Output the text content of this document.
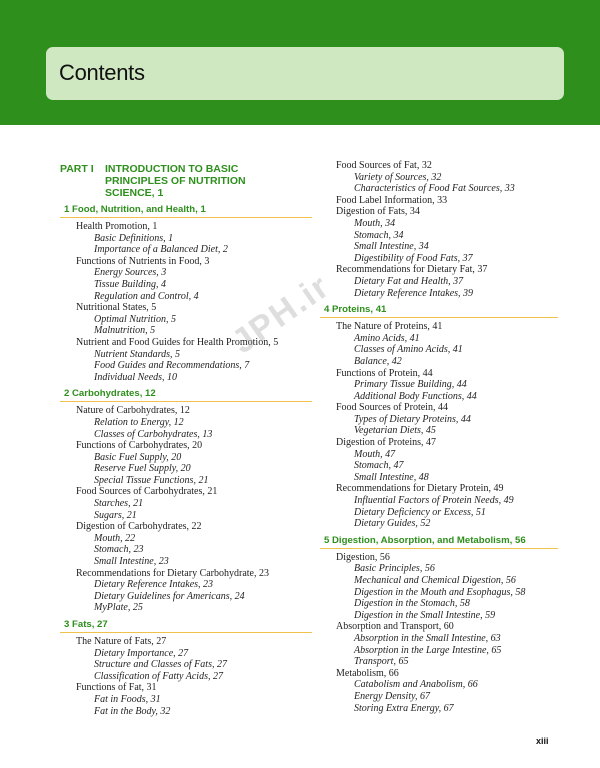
Contents
PART I	INTRODUCTION TO BASIC
PRINCIPLES OF NUTRITION
SCIENCE, 1
1 Food, Nutrition, and Health, 1
Health Promotion, 1
Basic Definitions, 1
Importance of a Balanced Diet, 2
Functions of Nutrients in Food, 3
Energy Sources, 3
Tissue Building, 4
Regulation and Control, 4
Nutritional States, 5
Optimal Nutrition, 5
Malnutrition, 5
Nutrient and Food Guides for Health Promotion, 5
Nutrient Standards, 5
Food Guides and Recommendations, 7
Individual Needs, 10
2 Carbohydrates, 12
Nature of Carbohydrates, 12
Relation to Energy, 12
Classes of Carbohydrates, 13
Functions of Carbohydrates, 20
Basic Fuel Supply, 20
Reserve Fuel Supply, 20
Special Tissue Functions, 21
Food Sources of Carbohydrates, 21
Starches, 21
Sugars, 21
Digestion of Carbohydrates, 22
Mouth, 22
Stomach, 23
Small Intestine, 23
Recommendations for Dietary Carbohydrate, 23
Dietary Reference Intakes, 23
Dietary Guidelines for Americans, 24
MyPlate, 25
3 Fats, 27
The Nature of Fats, 27
Dietary Importance, 27
Structure and Classes of Fats, 27
Classification of Fatty Acids, 27
Functions of Fat, 31
Fat in Foods, 31
Fat in the Body, 32
Food Sources of Fat, 32
Variety of Sources, 32
Characteristics of Food Fat Sources, 33
Food Label Information, 33
Digestion of Fats, 34
Mouth, 34
Stomach, 34
Small Intestine, 34
Digestibility of Food Fats, 37
Recommendations for Dietary Fat, 37
Dietary Fat and Health, 37
Dietary Reference Intakes, 39
4 Proteins, 41
The Nature of Proteins, 41
Amino Acids, 41
Classes of Amino Acids, 41
Balance, 42
Functions of Protein, 44
Primary Tissue Building, 44
Additional Body Functions, 44
Food Sources of Protein, 44
Types of Dietary Proteins, 44
Vegetarian Diets, 45
Digestion of Proteins, 47
Mouth, 47
Stomach, 47
Small Intestine, 48
Recommendations for Dietary Protein, 49
Influential Factors of Protein Needs, 49
Dietary Deficiency or Excess, 51
Dietary Guides, 52
5 Digestion, Absorption, and Metabolism, 56
Digestion, 56
Basic Principles, 56
Mechanical and Chemical Digestion, 56
Digestion in the Mouth and Esophagus, 58
Digestion in the Stomach, 58
Digestion in the Small Intestine, 59
Absorption and Transport, 60
Absorption in the Small Intestine, 63
Absorption in the Large Intestine, 65
Transport, 65
Metabolism, 66
Catabolism and Anabolism, 66
Energy Density, 67
Storing Extra Energy, 67
JPH.ir
xiii
